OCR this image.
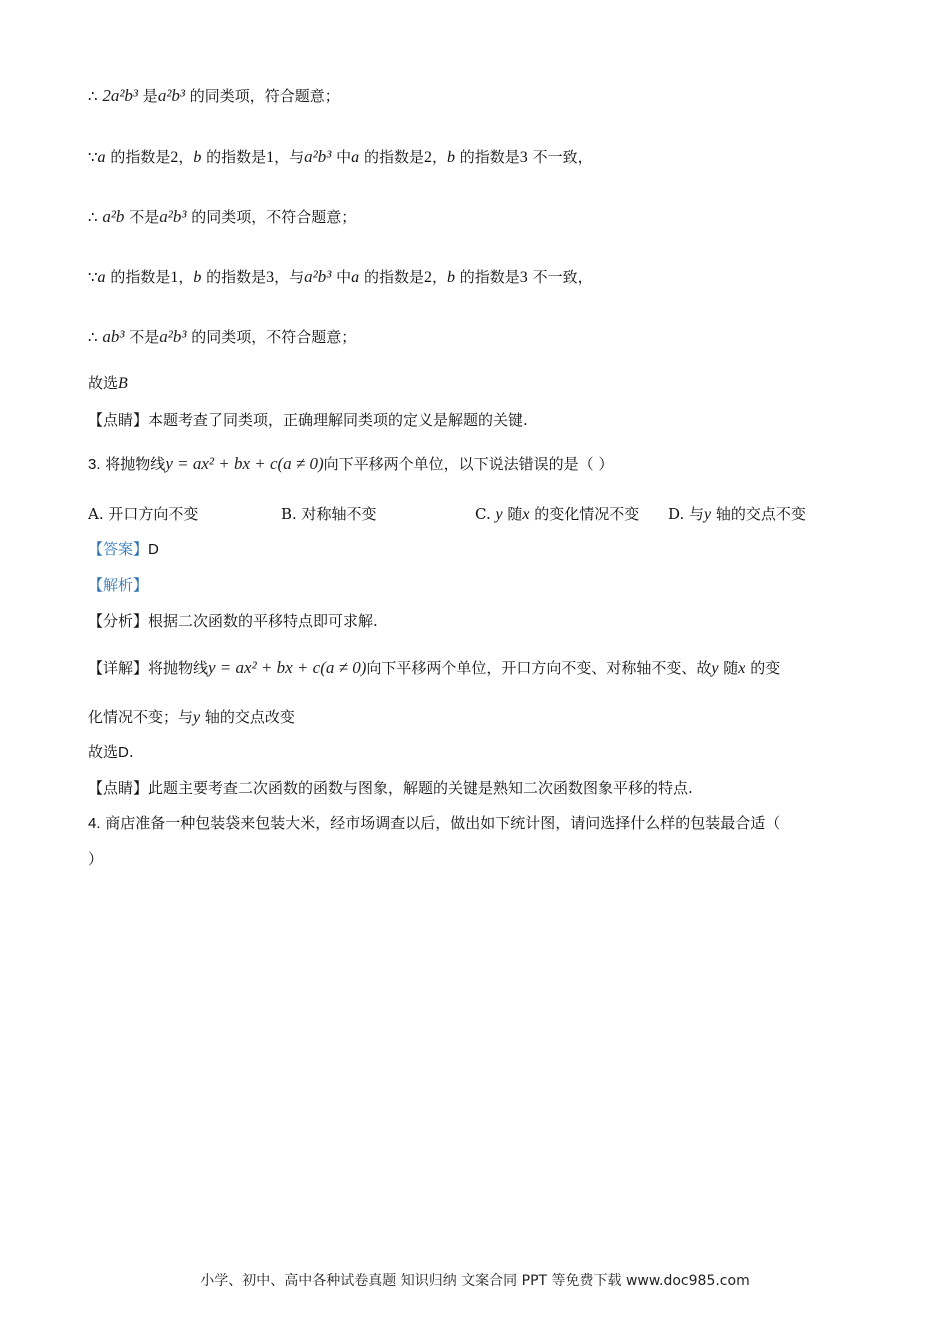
∴ 2a²b³ 是a²b³ 的同类项，符合题意；
∵a 的指数是2，b 的指数是1，与a²b³ 中a 的指数是2，b 的指数是3 不一致，
∴ a²b 不是a²b³ 的同类项，不符合题意；
∵a 的指数是1，b 的指数是3，与a²b³ 中a 的指数是2，b 的指数是3 不一致，
∴ ab³ 不是a²b³ 的同类项，不符合题意；
故选B
【点睛】本题考查了同类项，正确理解同类项的定义是解题的关键.
3. 将抛物线y = ax² + bx + c(a ≠ 0)向下平移两个单位，以下说法错误的是（ ）
A. 开口方向不变	B. 对称轴不变	C. y 随x 的变化情况不变 D. 与y 轴的交点不变
【答案】D
【解析】
【分析】根据二次函数的平移特点即可求解.
【详解】将抛物线y = ax² + bx + c(a ≠ 0)向下平移两个单位，开口方向不变、对称轴不变、故y 随x 的变
化情况不变；与y 轴的交点改变
故选D.
【点睛】此题主要考查二次函数的函数与图象，解题的关键是熟知二次函数图象平移的特点.
4. 商店准备一种包装袋来包装大米，经市场调查以后，做出如下统计图，请问选择什么样的包装最合适（
）
小学、初中、高中各种试卷真题 知识归纳 文案合同 PPT 等免费下载 www.doc985.com
